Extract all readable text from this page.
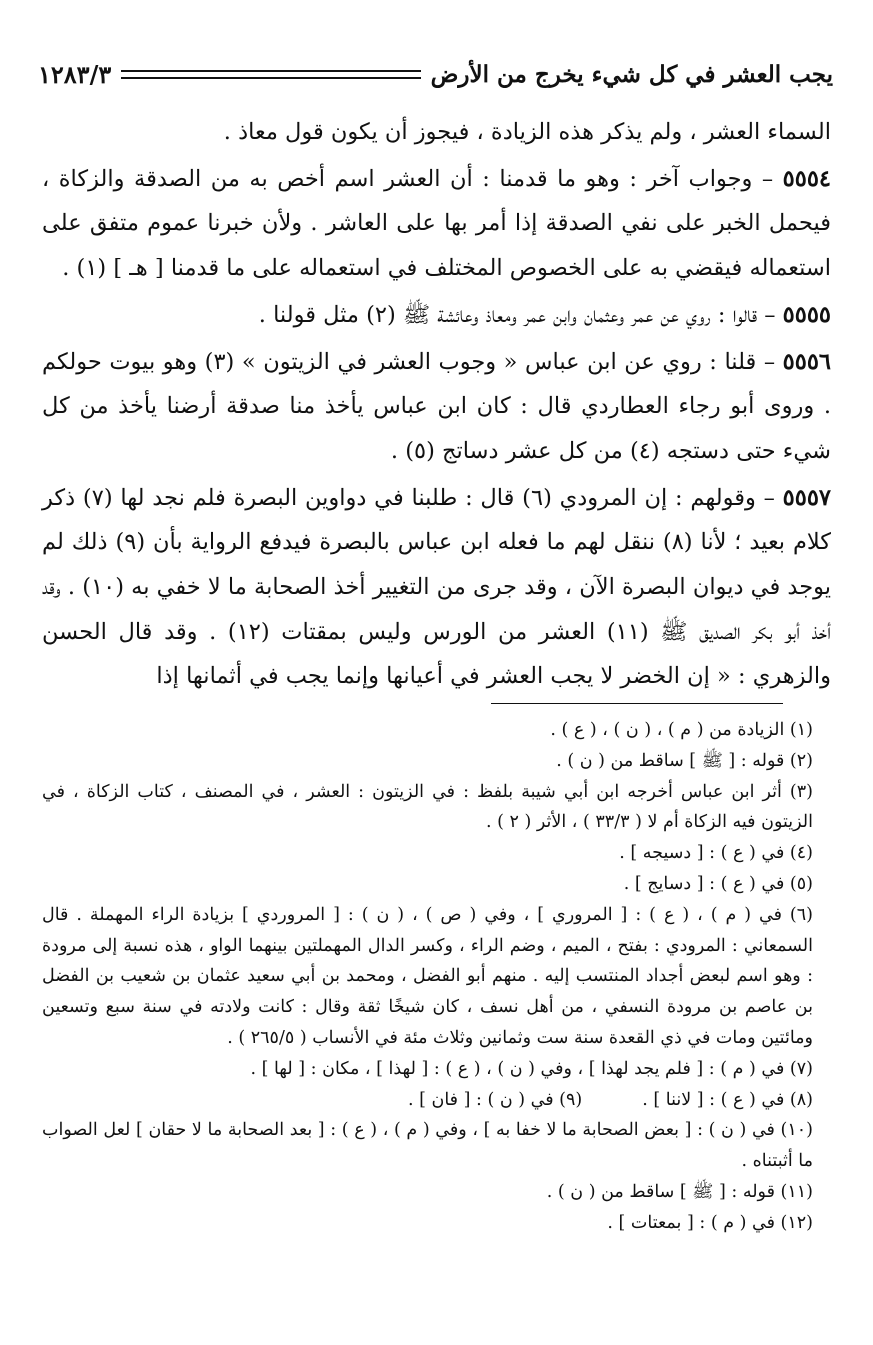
١٢٨٣/٣	يجب العشر في كل شيء يخرج من الأرض

السماء العشر ، ولم يذكر هذه الزيادة ، فيجوز أن يكون قول معاذ .

٥٥٥٤ – وجواب آخر : وهو ما قدمنا : أن العشر اسم أخص به من الصدقة والزكاة ، فيحمل الخبر على نفي الصدقة إذا أمر بها على العاشر . ولأن خبرنا عموم متفق على استعماله فيقضي به على الخصوص المختلف في استعماله على ما قدمنا [ هـ ] (١) .

٥٥٥٥ – قالوا : روي عن عمر وعثمان وابن عمر ومعاذ وعائشة ﷺ (٢) مثل قولنا .

٥٥٥٦ – قلنا : روي عن ابن عباس « وجوب العشر في الزيتون » (٣) وهو بيوت حولكم . وروى أبو رجاء العطاردي قال : كان ابن عباس يأخذ منا صدقة أرضنا يأخذ من كل شيء حتى دستجه (٤) من كل عشر دساتج (٥) .

٥٥٥٧ – وقولهم : إن المرودي (٦) قال : طلبنا في دواوين البصرة فلم نجد لها (٧) ذكر كلام بعيد ؛ لأنا (٨) ننقل لهم ما فعله ابن عباس بالبصرة فيدفع الرواية بأن (٩) ذلك لم يوجد في ديوان البصرة الآن ، وقد جرى من التغيير أخذ الصحابة ما لا خفي به (١٠) . وقد أخذ أبو بكر الصديق ﷺ (١١) العشر من الورس وليس بمقتات (١٢) . وقد قال الحسن والزهري : « إن الخضر لا يجب العشر في أعيانها وإنما يجب في أثمانها إذا

(١) الزيادة من ( م ) ، ( ن ) ، ( ع ) .

(٢) قوله : [ ﷺ ] ساقط من ( ن ) .

(٣) أثر ابن عباس أخرجه ابن أبي شيبة بلفظ : في الزيتون : العشر ، في المصنف ، كتاب الزكاة ، في الزيتون فيه الزكاة أم لا ( ٣٣/٣ ) ، الأثر ( ٢ ) .

(٤) في ( ع ) : [ دسيجه ] .

(٥) في ( ع ) : [ دسايج ] .

(٦) في ( م ) ، ( ع ) : [ المروري ] ، وفي ( ص ) ، ( ن ) : [ المروردي ] بزيادة الراء المهملة . قال السمعاني : المرودي : بفتح ، الميم ، وضم الراء ، وكسر الدال المهملتين بينهما الواو ، هذه نسبة إلى مرودة : وهو اسم لبعض أجداد المنتسب إليه . منهم أبو الفضل ، ومحمد بن أبي سعيد عثمان بن شعيب بن الفضل بن عاصم بن مرودة النسفي ، من أهل نسف ، كان شيخًا ثقة وقال : كانت ولادته في سنة سبع وتسعين ومائتين ومات في ذي القعدة سنة ست وثمانين وثلاث مئة في الأنساب ( ٢٦٥/٥ ) .

(٧) في ( م ) : [ فلم يجد لهذا ] ، وفي ( ن ) ، ( ع ) : [ لهذا ] ، مكان : [ لها ] .

(٨) في ( ع ) : [ لاننا ] .
(٩) في ( ن ) : [ فان ] .

(١٠) في ( ن ) : [ بعض الصحابة ما لا خفا به ] ، وفي ( م ) ، ( ع ) : [ بعد الصحابة ما لا حقان ] لعل الصواب ما أثبتناه .

(١١) قوله : [ ﷺ ] ساقط من ( ن ) .

(١٢) في ( م ) : [ بمعتات ] .
